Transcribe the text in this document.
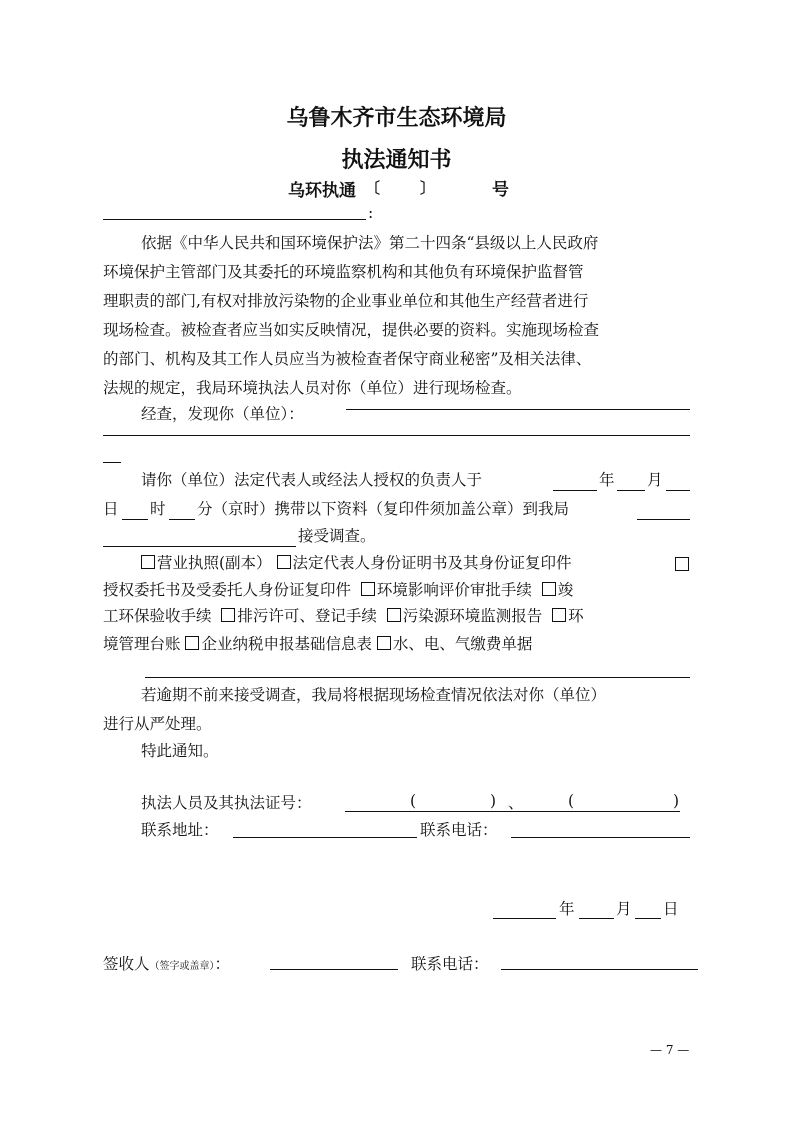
乌鲁木齐市生态环境局
执法通知书
乌环执通 〔	〕	号
:
依据《中华人民共和国环境保护法》第二十四条“县级以上人民政府
环境保护主管部门及其委托的环境监察机构和其他负有环境保护监督管
理职责的部门,有权对排放污染物的企业事业单位和其他生产经营者进行
现场检查。被检查者应当如实反映情况，提供必要的资料。实施现场检查
的部门、机构及其工作人员应当为被检查者保守商业秘密”及相关法律、
法规的规定，我局环境执法人员对你（单位）进行现场检查。
经查，发现你（单位）：
请你（单位）法定代表人或经法人授权的负责人于	年 月
日 时 分（京时）携带以下资料（复印件须加盖公章）到我局
接受调查。
营业执照(副本） 法定代表人身份证明书及其身份证复印件
授权委托书及受委托人身份证复印件 环境影响评价审批手续 竣
工环保验收手续 排污许可、登记手续 污染源环境监测报告 环
境管理台账 企业纳税申报基础信息表 水、电、气缴费单据
若逾期不前来接受调查，我局将根据现场检查情况依法对你（单位）
进行从严处理。
特此通知。
执法人员及其执法证号：	(	) 、	(	)
联系地址：	联系电话：
年	月 日
签收人（签字或盖章）：	联系电话：
— 7 —
